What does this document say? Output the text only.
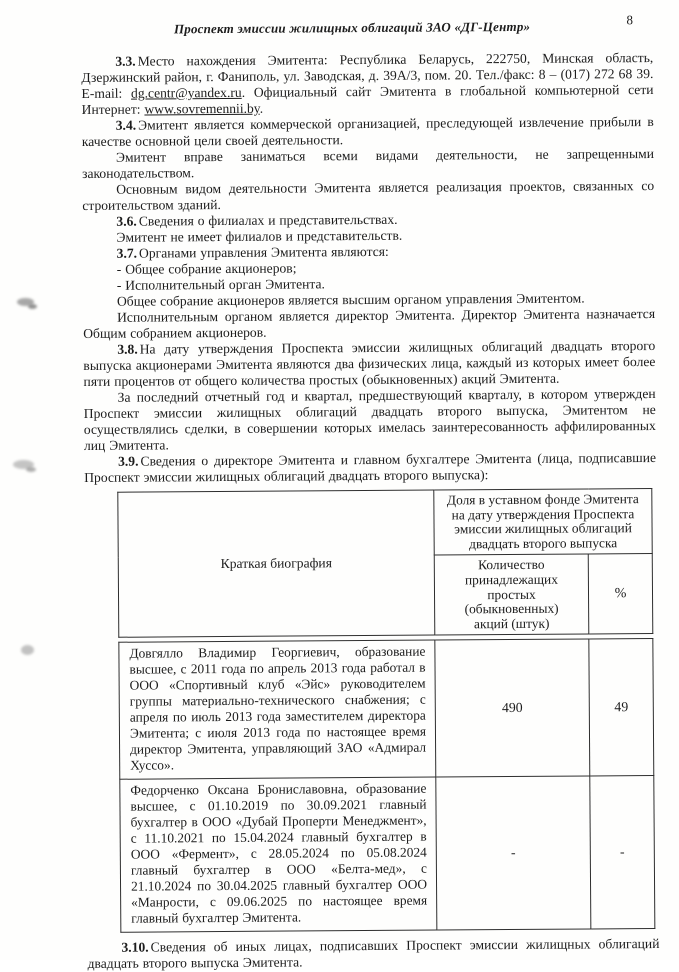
Проспект эмиссии жилищных облигаций ЗАО «ДГ-Центр»	8

3.3. Место нахождения Эмитента: Республика Беларусь, 222750, Минская область, Дзержинский район, г. Фаниполь, ул. Заводская, д. 39А/3, пом. 20. Тел./факс: 8 – (017) 272 68 39. E-mail: dg.centr@yandex.ru. Официальный сайт Эмитента в глобальной компьютерной сети Интернет: www.sovremennii.by.

3.4. Эмитент является коммерческой организацией, преследующей извлечение прибыли в качестве основной цели своей деятельности.

Эмитент вправе заниматься всеми видами деятельности, не запрещенными законодательством.

Основным видом деятельности Эмитента является реализация проектов, связанных со строительством зданий.

3.6. Сведения о филиалах и представительствах.

Эмитент не имеет филиалов и представительств.

3.7. Органами управления Эмитента являются:

- Общее собрание акционеров;

- Исполнительный орган Эмитента.

Общее собрание акционеров является высшим органом управления Эмитентом.

Исполнительным органом является директор Эмитента. Директор Эмитента назначается Общим собранием акционеров.

3.8. На дату утверждения Проспекта эмиссии жилищных облигаций двадцать второго выпуска акционерами Эмитента являются два физических лица, каждый из которых имеет более пяти процентов от общего количества простых (обыкновенных) акций Эмитента.

За последний отчетный год и квартал, предшествующий кварталу, в котором утвержден Проспект эмиссии жилищных облигаций двадцать второго выпуска, Эмитентом не осуществлялись сделки, в совершении которых имелась заинтересованность аффилированных лиц Эмитента.

3.9. Сведения о директоре Эмитента и главном бухгалтере Эмитента (лица, подписавшие Проспект эмиссии жилищных облигаций двадцать второго выпуска):

Краткая биография	Доля в уставном фонде Эмитента на дату утверждения Проспекта эмиссии жилищных облигаций двадцать второго выпуска	
	Количество принадлежащих простых (обыкновенных) акций (штук)	%
Довгялло Владимир Георгиевич, образование высшее, с 2011 года по апрель 2013 года работал в ООО «Спортивный клуб «Эйс» руководителем группы материально-технического снабжения; с апреля по июль 2013 года заместителем директора Эмитента; с июля 2013 года по настоящее время директор Эмитента, управляющий ЗАО «Адмирал Хуссо».	490	49
Федорченко Оксана Брониславовна, образование высшее, с 01.10.2019 по 30.09.2021 главный бухгалтер в ООО «Дубай Проперти Менеджмент», с 11.10.2021 по 15.04.2024 главный бухгалтер в ООО «Фермент», с 28.05.2024 по 05.08.2024 главный бухгалтер в ООО «Белта-мед», с 21.10.2024 по 30.04.2025 главный бухгалтер ООО «Манрости, с 09.06.2025 по настоящее время главный бухгалтер Эмитента.	-	-

3.10. Сведения об иных лицах, подписавших Проспект эмиссии жилищных облигаций двадцать второго выпуска Эмитента.
